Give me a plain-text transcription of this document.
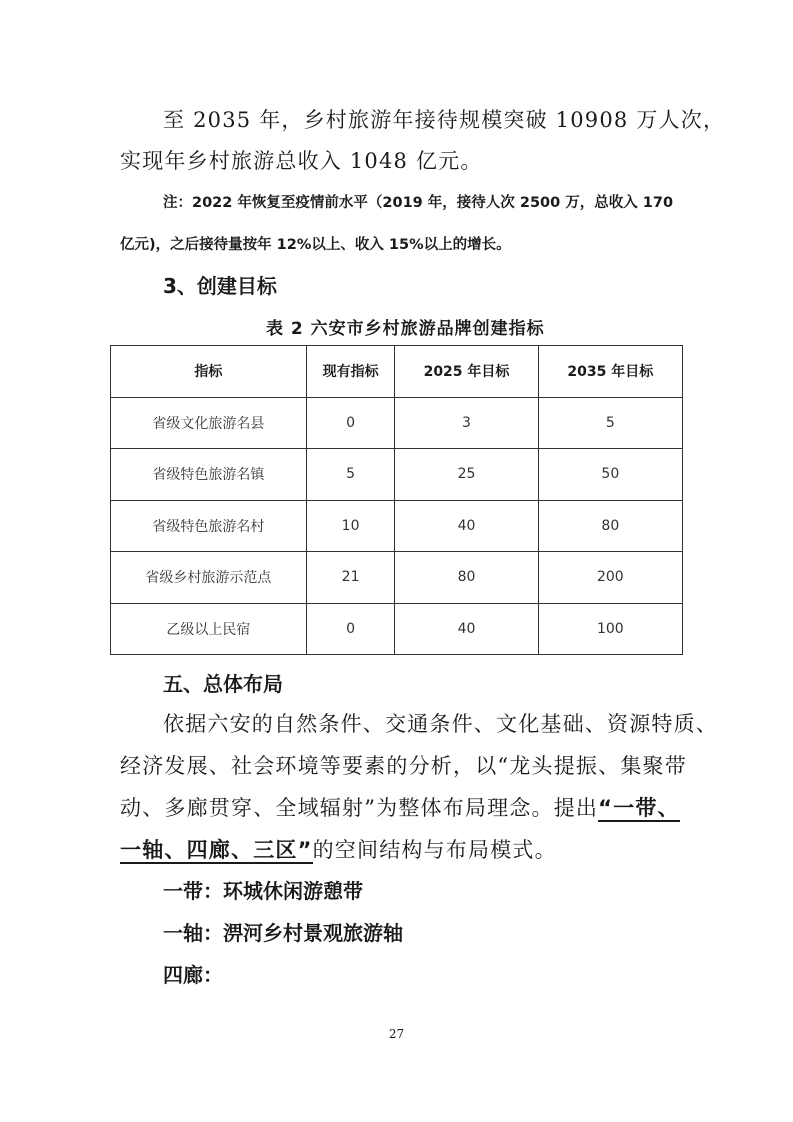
至 2035 年，乡村旅游年接待规模突破 10908 万人次，
实现年乡村旅游总收入 1048 亿元。
注：2022 年恢复至疫情前水平（2019 年，接待人次 2500 万，总收入 170
亿元)，之后接待量按年 12%以上、收入 15%以上的增长。
3、创建目标
表 2 六安市乡村旅游品牌创建指标
指标	现有指标	2025 年目标	2035 年目标
省级文化旅游名县	0	3	5
省级特色旅游名镇	5	25	50
省级特色旅游名村	10	40	80
省级乡村旅游示范点	21	80	200
乙级以上民宿	0	40	100
五、总体布局
依据六安的自然条件、交通条件、文化基础、资源特质、
经济发展、社会环境等要素的分析，以“龙头提振、集聚带
动、多廊贯穿、全域辐射”为整体布局理念。提出“一带、
一轴、四廊、三区”的空间结构与布局模式。
一带：环城休闲游憩带
一轴：淠河乡村景观旅游轴
四廊：
27
